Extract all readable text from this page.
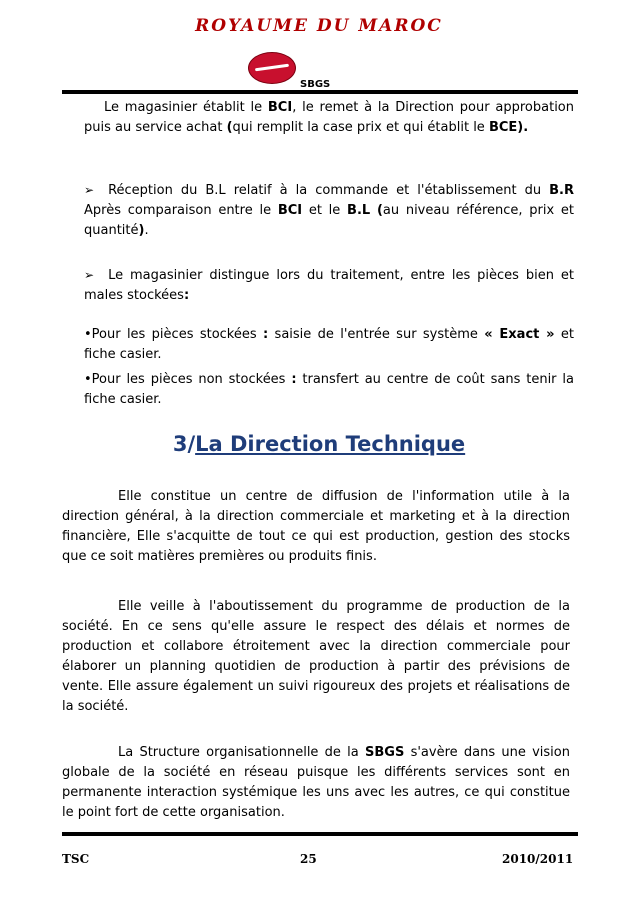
ROYAUME DU MAROC
SBGS

Le magasinier établit le BCI, le remet à la Direction pour approbation puis au service achat (qui remplit la case prix et qui établit le BCE).

➢ Réception du B.L relatif à la commande et l'établissement du B.R Après comparaison entre le BCI et le B.L (au niveau référence, prix et quantité).

➢ Le magasinier distingue lors du traitement, entre les pièces bien et males stockées:

•Pour les pièces stockées : saisie de l'entrée sur système « Exact » et fiche casier.

•Pour les pièces non stockées : transfert au centre de coût sans tenir la fiche casier.

3/La Direction Technique

Elle constitue un centre de diffusion de l'information utile à la direction général, à la direction commerciale et marketing et à la direction financière, Elle s'acquitte de tout ce qui est production, gestion des stocks que ce soit matières premières ou produits finis.

Elle veille à l'aboutissement du programme de production de la société. En ce sens qu'elle assure le respect des délais et normes de production et collabore étroitement avec la direction commerciale pour élaborer un planning quotidien de production à partir des prévisions de vente. Elle assure également un suivi rigoureux des projets et réalisations de la société.

La Structure organisationnelle de la SBGS s'avère dans une vision globale de la société en réseau puisque les différents services sont en permanente interaction systémique les uns avec les autres, ce qui constitue le point fort de cette organisation.

TSC	25	2010/2011
